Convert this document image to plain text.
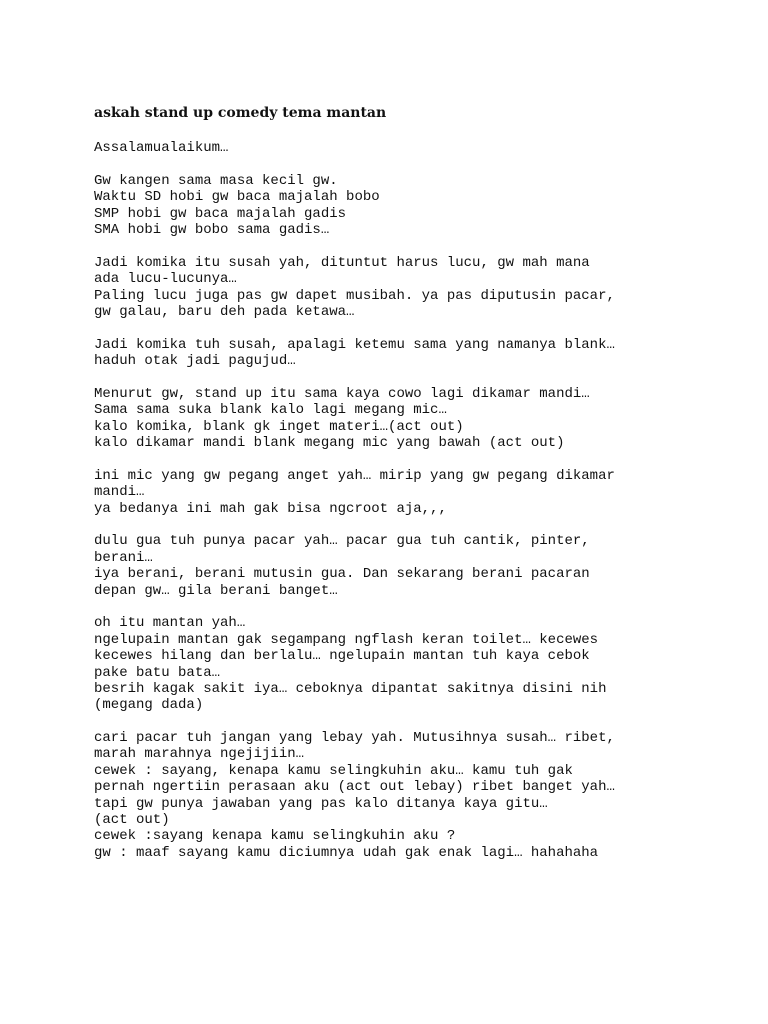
askah stand up comedy tema mantan
Assalamualaikum…
Gw kangen sama masa kecil gw.
Waktu SD hobi gw baca majalah bobo
SMP hobi gw baca majalah gadis
SMA hobi gw bobo sama gadis…
Jadi komika itu susah yah, dituntut harus lucu, gw mah mana
ada lucu-lucunya…
Paling lucu juga pas gw dapet musibah. ya pas diputusin pacar,
gw galau, baru deh pada ketawa…
Jadi komika tuh susah, apalagi ketemu sama yang namanya blank…
haduh otak jadi pagujud…
Menurut gw, stand up itu sama kaya cowo lagi dikamar mandi…
Sama sama suka blank kalo lagi megang mic…
kalo komika, blank gk inget materi…(act out)
kalo dikamar mandi blank megang mic yang bawah (act out)
ini mic yang gw pegang anget yah… mirip yang gw pegang dikamar
mandi…
ya bedanya ini mah gak bisa ngcroot aja,,,
dulu gua tuh punya pacar yah… pacar gua tuh cantik, pinter,
berani…
iya berani, berani mutusin gua. Dan sekarang berani pacaran
depan gw… gila berani banget…
oh itu mantan yah…
ngelupain mantan gak segampang ngflash keran toilet… kecewes
kecewes hilang dan berlalu… ngelupain mantan tuh kaya cebok
pake batu bata…
besrih kagak sakit iya… ceboknya dipantat sakitnya disini nih
(megang dada)
cari pacar tuh jangan yang lebay yah. Mutusihnya susah… ribet,
marah marahnya ngejijiin…
cewek : sayang, kenapa kamu selingkuhin aku… kamu tuh gak
pernah ngertiin perasaan aku (act out lebay) ribet banget yah…
tapi gw punya jawaban yang pas kalo ditanya kaya gitu…
(act out)
cewek :sayang kenapa kamu selingkuhin aku ?
gw : maaf sayang kamu diciumnya udah gak enak lagi… hahahaha
